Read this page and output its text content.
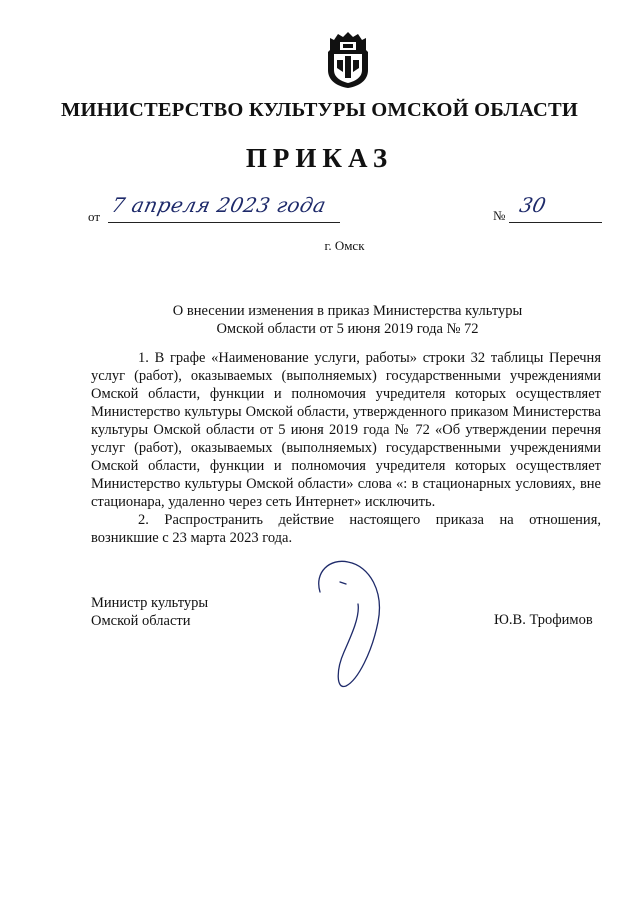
МИНИСТЕРСТВО КУЛЬТУРЫ ОМСКОЙ ОБЛАСТИ
ПРИКАЗ
от 7 апреля 2023 года	№ 30
г. Омск
О внесении изменения в приказ Министерства культуры
Омской области от 5 июня 2019 года № 72

1. В графе «Наименование услуги, работы» строки 32 таблицы Перечня услуг (работ), оказываемых (выполняемых) государственными учреждениями Омской области, функции и полномочия учредителя которых осуществляет Министерство культуры Омской области, утвержденного приказом Министерства культуры Омской области от 5 июня 2019 года № 72 «Об утверждении перечня услуг (работ), оказываемых (выполняемых) государственными учреждениями Омской области, функции и полномочия учредителя которых осуществляет Министерство культуры Омской области» слова «: в стационарных условиях, вне стационара, удаленно через сеть Интернет» исключить.

2. Распространить действие настоящего приказа на отношения, возникшие с 23 марта 2023 года.

Министр культуры
Омской области	Ю.В. Трофимов
